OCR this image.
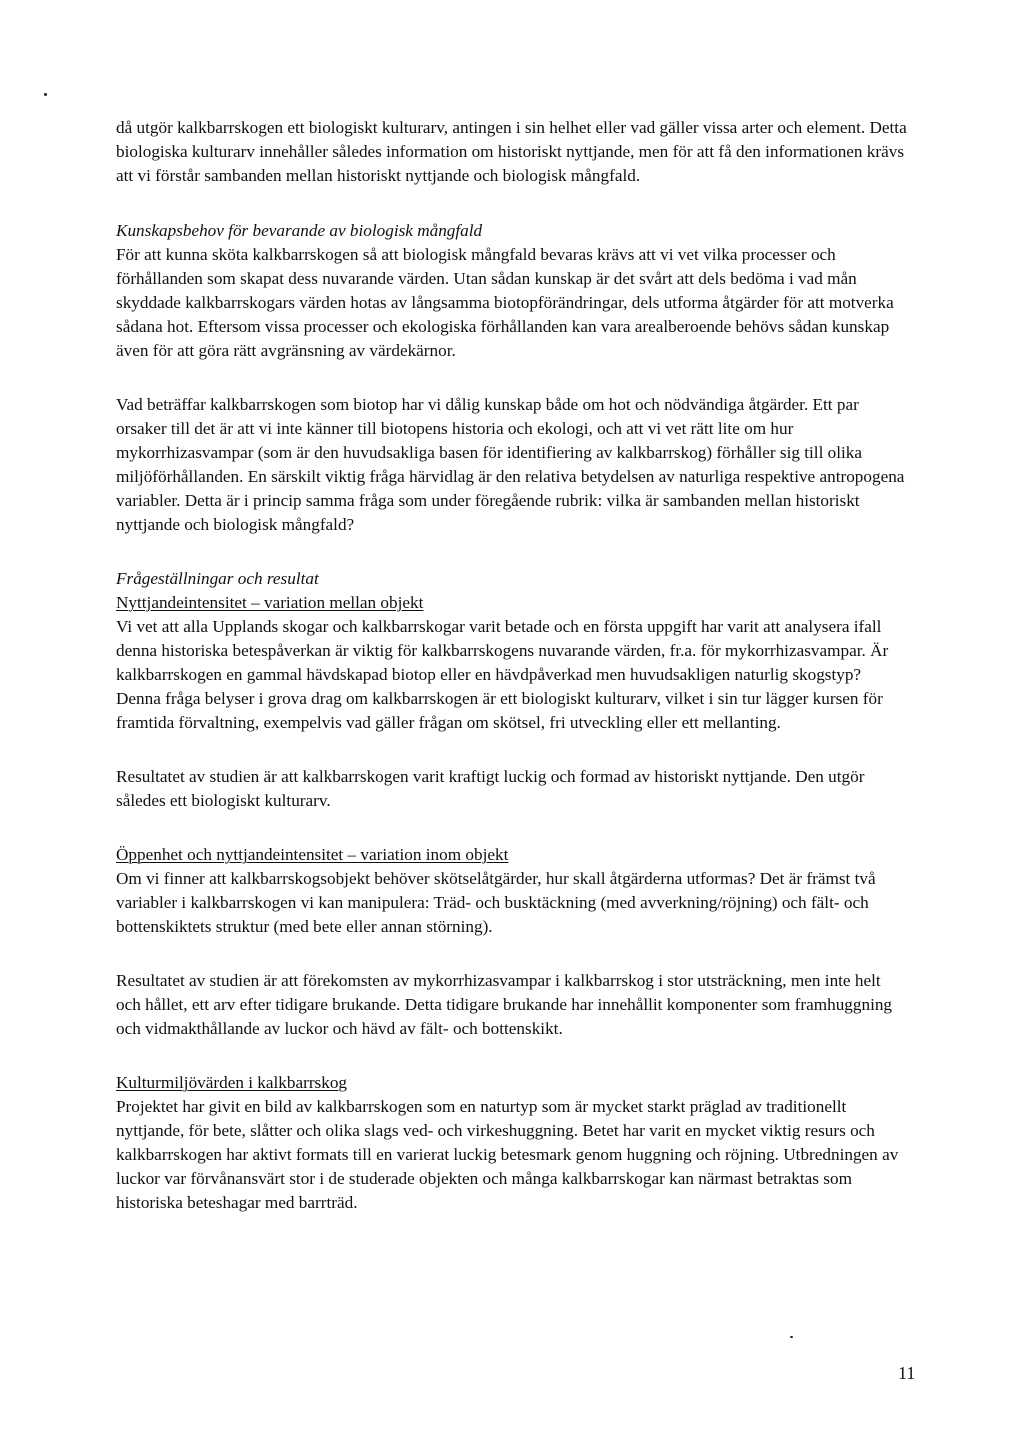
då utgör kalkbarrskogen ett biologiskt kulturarv, antingen i sin helhet eller vad gäller vissa arter och element. Detta biologiska kulturarv innehåller således information om historiskt nyttjande, men för att få den informationen krävs att vi förstår sambanden mellan historiskt nyttjande och biologisk mångfald.

Kunskapsbehov för bevarande av biologisk mångfald

För att kunna sköta kalkbarrskogen så att biologisk mångfald bevaras krävs att vi vet vilka processer och förhållanden som skapat dess nuvarande värden. Utan sådan kunskap är det svårt att dels bedöma i vad mån skyddade kalkbarrskogars värden hotas av långsamma biotopförändringar, dels utforma åtgärder för att motverka sådana hot. Eftersom vissa processer och ekologiska förhållanden kan vara arealberoende behövs sådan kunskap även för att göra rätt avgränsning av värdekärnor.

Vad beträffar kalkbarrskogen som biotop har vi dålig kunskap både om hot och nödvändiga åtgärder. Ett par orsaker till det är att vi inte känner till biotopens historia och ekologi, och att vi vet rätt lite om hur mykorrhizasvampar (som är den huvudsakliga basen för identifiering av kalkbarrskog) förhåller sig till olika miljöförhållanden. En särskilt viktig fråga härvidlag är den relativa betydelsen av naturliga respektive antropogena variabler. Detta är i princip samma fråga som under föregående rubrik: vilka är sambanden mellan historiskt nyttjande och biologisk mångfald?

Frågeställningar och resultat

Nyttjandeintensitet – variation mellan objekt

Vi vet att alla Upplands skogar och kalkbarrskogar varit betade och en första uppgift har varit att analysera ifall denna historiska betespåverkan är viktig för kalkbarrskogens nuvarande värden, fr.a. för mykorrhizasvampar. Är kalkbarrskogen en gammal hävdskapad biotop eller en hävdpåverkad men huvudsakligen naturlig skogstyp? Denna fråga belyser i grova drag om kalkbarrskogen är ett biologiskt kulturarv, vilket i sin tur lägger kursen för framtida förvaltning, exempelvis vad gäller frågan om skötsel, fri utveckling eller ett mellanting.

Resultatet av studien är att kalkbarrskogen varit kraftigt luckig och formad av historiskt nyttjande. Den utgör således ett biologiskt kulturarv.

Öppenhet och nyttjandeintensitet – variation inom objekt

Om vi finner att kalkbarrskogsobjekt behöver skötselåtgärder, hur skall åtgärderna utformas? Det är främst två variabler i kalkbarrskogen vi kan manipulera: Träd- och busktäckning (med avverkning/röjning) och fält- och bottenskiktets struktur (med bete eller annan störning).

Resultatet av studien är att förekomsten av mykorrhizasvampar i kalkbarrskog i stor utsträckning, men inte helt och hållet, ett arv efter tidigare brukande. Detta tidigare brukande har innehållit komponenter som framhuggning och vidmakthållande av luckor och hävd av fält- och bottenskikt.

Kulturmiljövärden i kalkbarrskog

Projektet har givit en bild av kalkbarrskogen som en naturtyp som är mycket starkt präglad av traditionellt nyttjande, för bete, slåtter och olika slags ved- och virkeshuggning. Betet har varit en mycket viktig resurs och kalkbarrskogen har aktivt formats till en varierat luckig betesmark genom huggning och röjning. Utbredningen av luckor var förvånansvärt stor i de studerade objekten och många kalkbarrskogar kan närmast betraktas som historiska beteshagar med barrträd.

11
